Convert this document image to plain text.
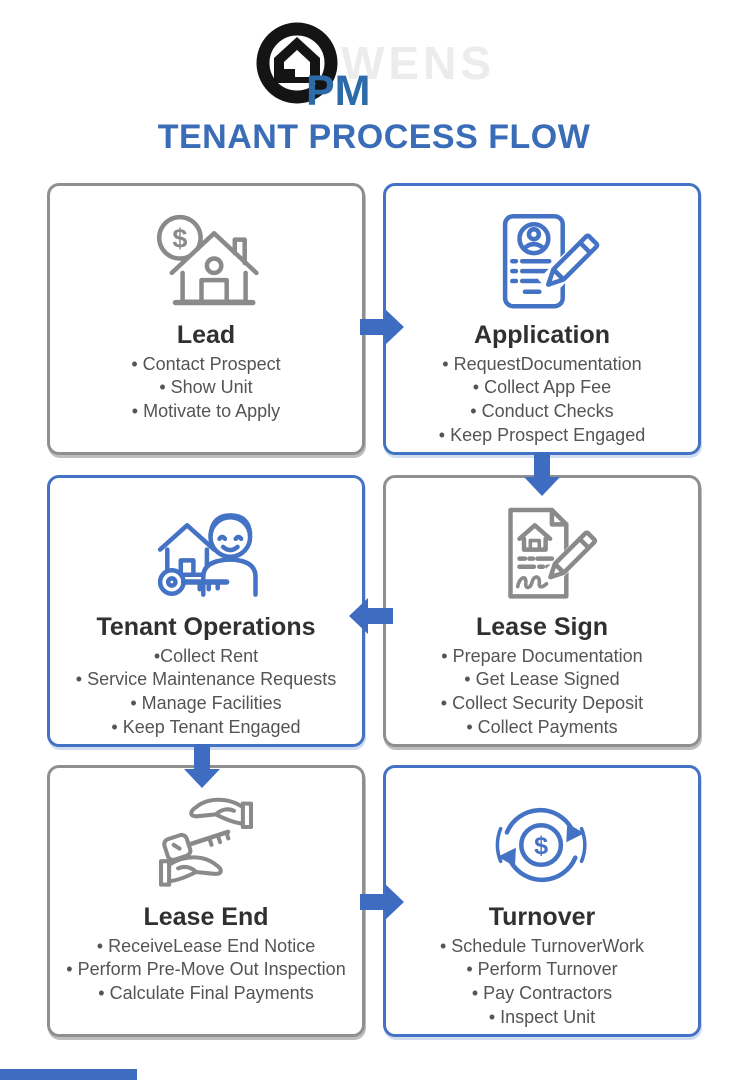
WENS
PM
TENANT PROCESS FLOW
$
Lead
• Contact Prospect
• Show Unit
• Motivate to Apply
Application
• RequestDocumentation
• Collect App Fee
• Conduct Checks
• Keep Prospect Engaged
Tenant Operations
•Collect Rent
• Service Maintenance Requests
• Manage Facilities
• Keep Tenant Engaged
Lease Sign
• Prepare Documentation
• Get Lease Signed
• Collect Security Deposit
• Collect Payments
Lease End
• ReceiveLease End Notice
• Perform Pre-Move Out Inspection
• Calculate Final Payments
$
Turnover
• Schedule TurnoverWork
• Perform Turnover
• Pay Contractors
• Inspect Unit
